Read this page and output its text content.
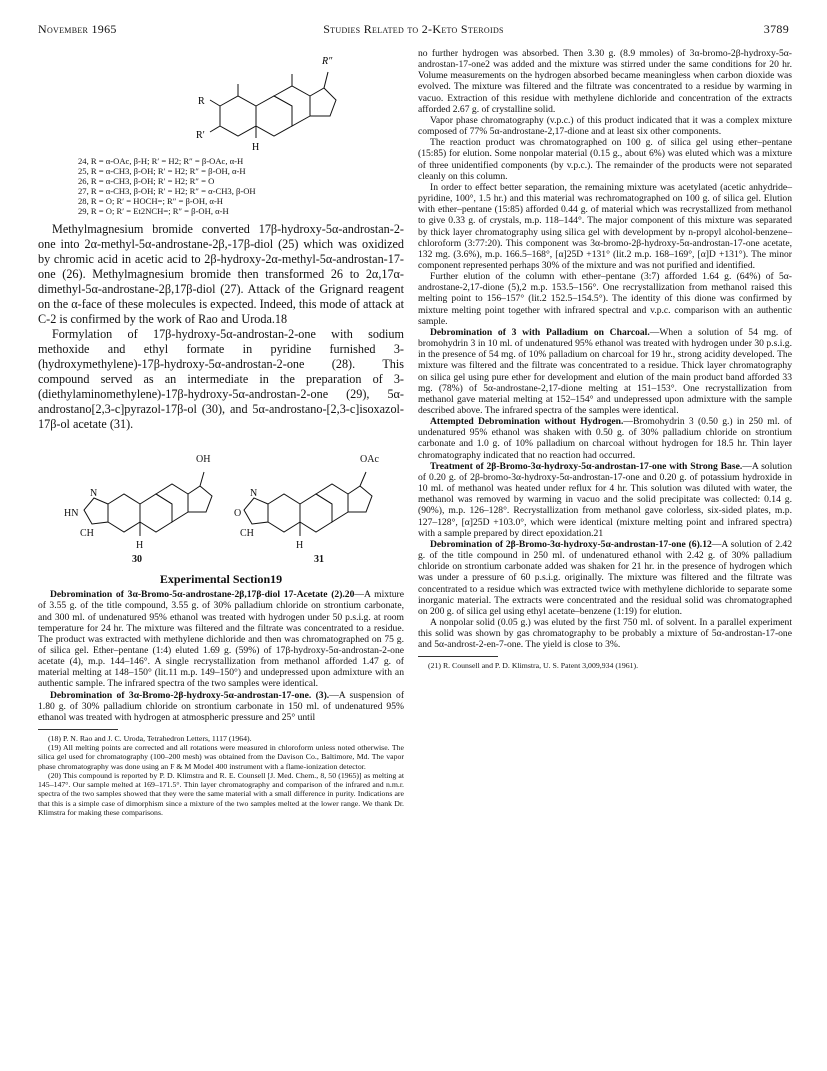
November 1965	Studies Related to 2-Keto Steroids	3789
R″
R
R′
H
24, R = α-OAc, β-H; R′ = H2; R″ = β-OAc, α-H
25, R = α-CH3, β-OH; R′ = H2; R″ = β-OH, α-H
26, R = α-CH3, β-OH; R′ = H2; R″ = O
27, R = α-CH3, β-OH; R′ = H2; R″ = α-CH3, β-OH
28, R = O; R′ = HOCH=; R″ = β-OH, α-H
29, R = O; R′ = Et2NCH=; R″ = β-OH, α-H

Methylmagnesium bromide converted 17β-hydroxy-5α-androstan-2-one into 2α-methyl-5α-androstane-2β,-17β-diol (25) which was oxidized by chromic acid in acetic acid to 2β-hydroxy-2α-methyl-5α-androstan-17-one (26). Methylmagnesium bromide then transformed 26 to 2α,17α-dimethyl-5α-androstane-2β,17β-diol (27). Attack of the Grignard reagent on the α-face of these molecules is expected. Indeed, this mode of attack at C-2 is confirmed by the work of Rao and Uroda.18

Formylation of 17β-hydroxy-5α-androstan-2-one with sodium methoxide and ethyl formate in pyridine furnished 3-(hydroxymethylene)-17β-hydroxy-5α-androstan-2-one (28). This compound served as an intermediate in the preparation of 3-(diethylaminomethylene)-17β-hydroxy-5α-androstan-2-one (29), 5α-androstano[2,3-c]pyrazol-17β-ol (30), and 5α-androstano-[2,3-c]isoxazol-17β-ol acetate (31).

OH	OAc
N
HN
CH
H
N
O
CH
H
30	31
Experimental Section19

Debromination of 3α-Bromo-5α-androstane-2β,17β-diol 17-Acetate (2).20—A mixture of 3.55 g. of the title compound, 3.55 g. of 30% palladium chloride on strontium carbonate, and 300 ml. of undenatured 95% ethanol was treated with hydrogen under 50 p.s.i.g. at room temperature for 24 hr. The mixture was filtered and the filtrate was concentrated to a residue. The product was extracted with methylene dichloride and then was chromatographed on 75 g. of silica gel. Ether–pentane (1:4) eluted 1.69 g. (59%) of 17β-hydroxy-5α-androstan-2-one acetate (4), m.p. 144–146°. A single recrystallization from methanol afforded 1.47 g. of material melting at 148–150° (lit.11 m.p. 149–150°) and undepressed upon admixture with an authentic sample. The infrared spectra of the two samples were identical.

Debromination of 3α-Bromo-2β-hydroxy-5α-androstan-17-one. (3).—A suspension of 1.80 g. of 30% palladium chloride on strontium carbonate in 150 ml. of undenatured 95% ethanol was treated with hydrogen at atmospheric pressure and 25° until

(18) P. N. Rao and J. C. Uroda, Tetrahedron Letters, 1117 (1964).

(19) All melting points are corrected and all rotations were measured in chloroform unless noted otherwise. The silica gel used for chromatography (100–200 mesh) was obtained from the Davison Co., Baltimore, Md. The vapor phase chromatography was done using an F & M Model 400 instrument with a flame-ionization detector.

(20) This compound is reported by P. D. Klimstra and R. E. Counsell [J. Med. Chem., 8, 50 (1965)] as melting at 145–147°. Our sample melted at 169–171.5°. Thin layer chromatography and comparison of the infrared and n.m.r. spectra of the two samples showed that they were the same material with a small difference in purity. Indications are that this is a simple case of dimorphism since a mixture of the two samples melted at the lower range. We thank Dr. Klimstra for making these comparisons.

no further hydrogen was absorbed. Then 3.30 g. (8.9 mmoles) of 3α-bromo-2β-hydroxy-5α-androstan-17-one2 was added and the mixture was stirred under the same conditions for 20 hr. Volume measurements on the hydrogen absorbed became meaningless when carbon dioxide was evolved. The mixture was filtered and the filtrate was concentrated to a residue by warming in vacuo. Extraction of this residue with methylene dichloride and concentration of the extracts afforded 2.67 g. of crystalline solid.

Vapor phase chromatography (v.p.c.) of this product indicated that it was a complex mixture composed of 77% 5α-androstane-2,17-dione and at least six other components.

The reaction product was chromatographed on 100 g. of silica gel using ether–pentane (15:85) for elution. Some nonpolar material (0.15 g., about 6%) was eluted which was a mixture of three unidentified components (by v.p.c.). The remainder of the products were not separated cleanly on this column.

In order to effect better separation, the remaining mixture was acetylated (acetic anhydride–pyridine, 100°, 1.5 hr.) and this material was rechromatographed on 100 g. of silica gel. Elution with ether–pentane (15:85) afforded 0.44 g. of material which was recrystallized from methanol to give 0.33 g. of crystals, m.p. 118–144°. The major component of this mixture was separated by thick layer chromatography using silica gel with development by n-propyl alcohol-benzene–chloroform (3:77:20). This component was 3α-bromo-2β-hydroxy-5α-androstan-17-one acetate, 132 mg. (3.6%), m.p. 166.5–168°, [α]25D +131° (lit.2 m.p. 168–169°, [α]D +131°). The minor component represented perhaps 30% of the mixture and was not purified and identified.

Further elution of the column with ether–pentane (3:7) afforded 1.64 g. (64%) of 5α-androstane-2,17-dione (5),2 m.p. 153.5–156°. One recrystallization from methanol raised this melting point to 156–157° (lit.2 152.5–154.5°). The identity of this dione was confirmed by mixture melting point together with infrared spectral and v.p.c. comparison with an authentic sample.

Debromination of 3 with Palladium on Charcoal.—When a solution of 54 mg. of bromohydrin 3 in 10 ml. of undenatured 95% ethanol was treated with hydrogen under 30 p.s.i.g. in the presence of 54 mg. of 10% palladium on charcoal for 19 hr., strong acidity developed. The mixture was filtered and the filtrate was concentrated to a residue. Thick layer chromatography on silica gel using pure ether for development and elution of the main product band afforded 33 mg. (78%) of 5α-androstane-2,17-dione melting at 151–153°. One recrystallization from methanol gave material melting at 152–154° and undepressed upon admixture with the sample described above. The infrared spectra of the samples were identical.

Attempted Debromination without Hydrogen.—Bromohydrin 3 (0.50 g.) in 250 ml. of undenatured 95% ethanol was shaken with 0.50 g. of 30% palladium chloride on strontium carbonate and 1.0 g. of 10% palladium on charcoal without hydrogen for 18.5 hr. Thin layer chromatography indicated that no reaction had occurred.

Treatment of 2β-Bromo-3α-hydroxy-5α-androstan-17-one with Strong Base.—A solution of 0.20 g. of 2β-bromo-3α-hydroxy-5α-androstan-17-one and 0.20 g. of potassium hydroxide in 10 ml. of methanol was heated under reflux for 4 hr. This solution was diluted with water, the methanol was removed by warming in vacuo and the solid precipitate was collected: 0.14 g. (90%), m.p. 126–128°. Recrystallization from methanol gave colorless, six-sided plates, m.p. 127–128°, [α]25D +103.0°, which were identical (mixture melting point and infrared spectra) with a sample prepared by direct epoxidation.21

Debromination of 2β-Bromo-3α-hydroxy-5α-androstan-17-one (6).12—A solution of 2.42 g. of the title compound in 250 ml. of undenatured ethanol with 2.42 g. of 30% palladium chloride on strontium carbonate added was shaken for 21 hr. in the presence of hydrogen which was under a pressure of 60 p.s.i.g. originally. The mixture was filtered and the filtrate was concentrated to a residue which was extracted twice with methylene dichloride to separate some inorganic material. The extracts were concentrated and the residual solid was chromatographed on 200 g. of silica gel using ethyl acetate–benzene (1:19) for elution.

A nonpolar solid (0.05 g.) was eluted by the first 750 ml. of solvent. In a parallel experiment this solid was shown by gas chromatography to be probably a mixture of 5α-androstan-17-one and 5α-androst-2-en-7-one. The yield is close to 3%.

(21) R. Counsell and P. D. Klimstra, U. S. Patent 3,009,934 (1961).
